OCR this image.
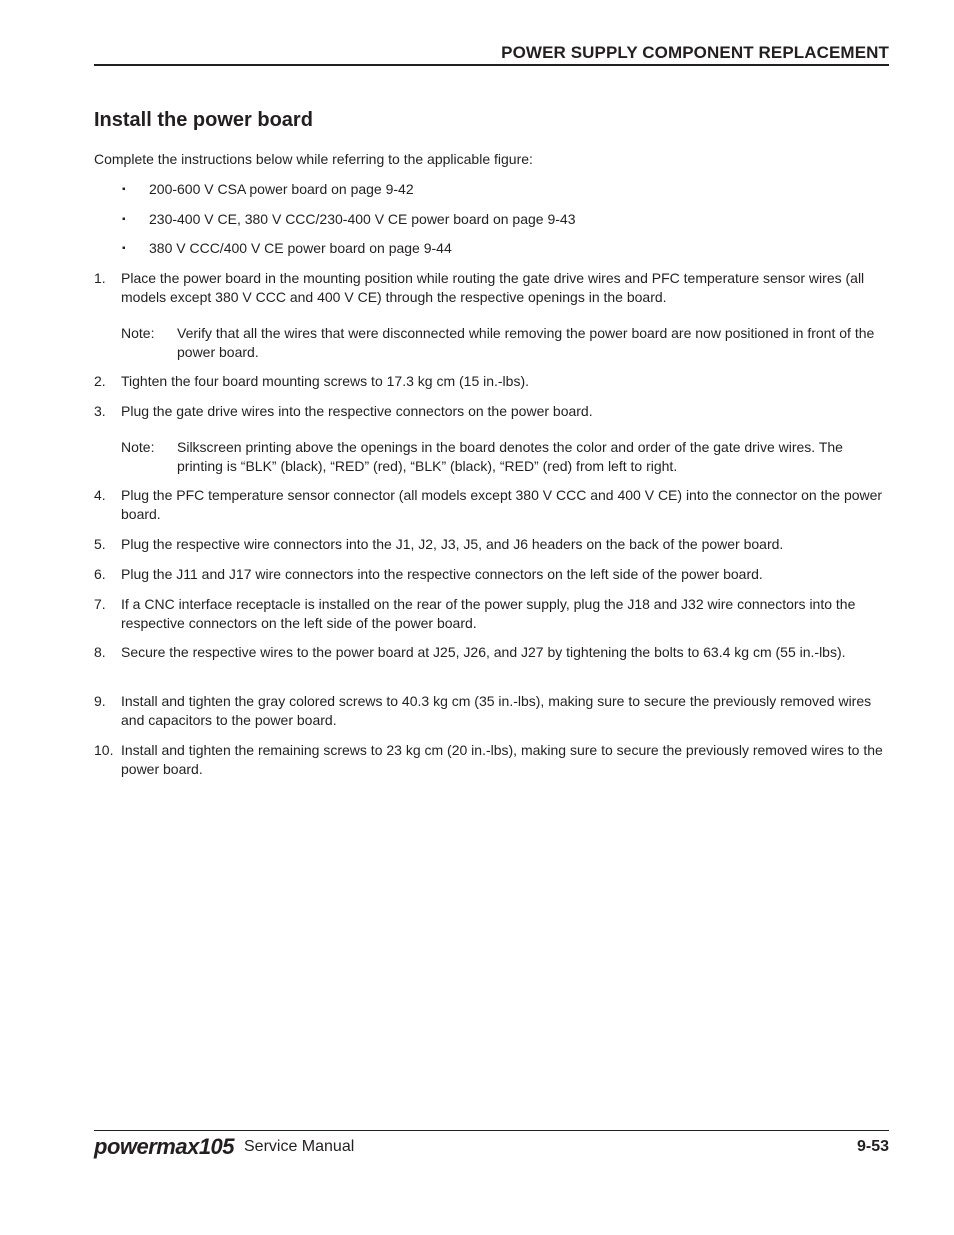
POWER SUPPLY COMPONENT REPLACEMENT
Install the power board
Complete the instructions below while referring to the applicable figure:
▪ 200-600 V CSA power board on page 9-42
▪ 230-400 V CE, 380 V CCC/230-400 V CE power board on page 9-43
▪ 380 V CCC/400 V CE power board on page 9-44
1. Place the power board in the mounting position while routing the gate drive wires and PFC temperature sensor wires (all models except 380 V CCC and 400 V CE) through the respective openings in the board.
Note: Verify that all the wires that were disconnected while removing the power board are now positioned in front of the power board.
2. Tighten the four board mounting screws to 17.3 kg cm (15 in.-lbs).
3. Plug the gate drive wires into the respective connectors on the power board.
Note: Silkscreen printing above the openings in the board denotes the color and order of the gate drive wires. The printing is “BLK” (black), “RED” (red), “BLK” (black), “RED” (red) from left to right.
4. Plug the PFC temperature sensor connector (all models except 380 V CCC and 400 V CE) into the connector on the power board.
5. Plug the respective wire connectors into the J1, J2, J3, J5, and J6 headers on the back of the power board.
6. Plug the J11 and J17 wire connectors into the respective connectors on the left side of the power board.
7. If a CNC interface receptacle is installed on the rear of the power supply, plug the J18 and J32 wire connectors into the respective connectors on the left side of the power board.
8. Secure the respective wires to the power board at J25, J26, and J27 by tightening the bolts to 63.4 kg cm (55 in.-lbs).
9. Install and tighten the gray colored screws to 40.3 kg cm (35 in.-lbs), making sure to secure the previously removed wires and capacitors to the power board.
10. Install and tighten the remaining screws to 23 kg cm (20 in.-lbs), making sure to secure the previously removed wires to the power board.
powermax105 Service Manual	9-53
